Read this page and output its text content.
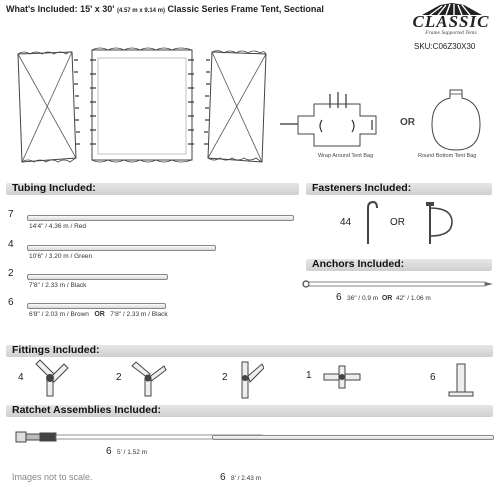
What's Included: 15' x 30' (4.57 m x 9.14 m) Classic Series Frame Tent, Sectional
CLASSIC
Frame Supported Tents
SKU:C06Z30X30
Wrap Around Tent Bag
OR
Round Bottom Tent Bag
Tubing Included:
7
14'4" / 4.36 m / Red
4
10'6" / 3.20 m / Green
2
7'8" / 2.33 m / Black
6
6'8" / 2.03 m / Brown OR 7'8" / 2.33 m / Black
Fasteners Included:
44	OR
Anchors Included:
6 36" / 0.9 m OR 42" / 1.06 m
Fittings Included:
4	2	2	1	6
Ratchet Assemblies Included:
6 5' / 1.52 m
6 8' / 2.43 m
Images not to scale.
